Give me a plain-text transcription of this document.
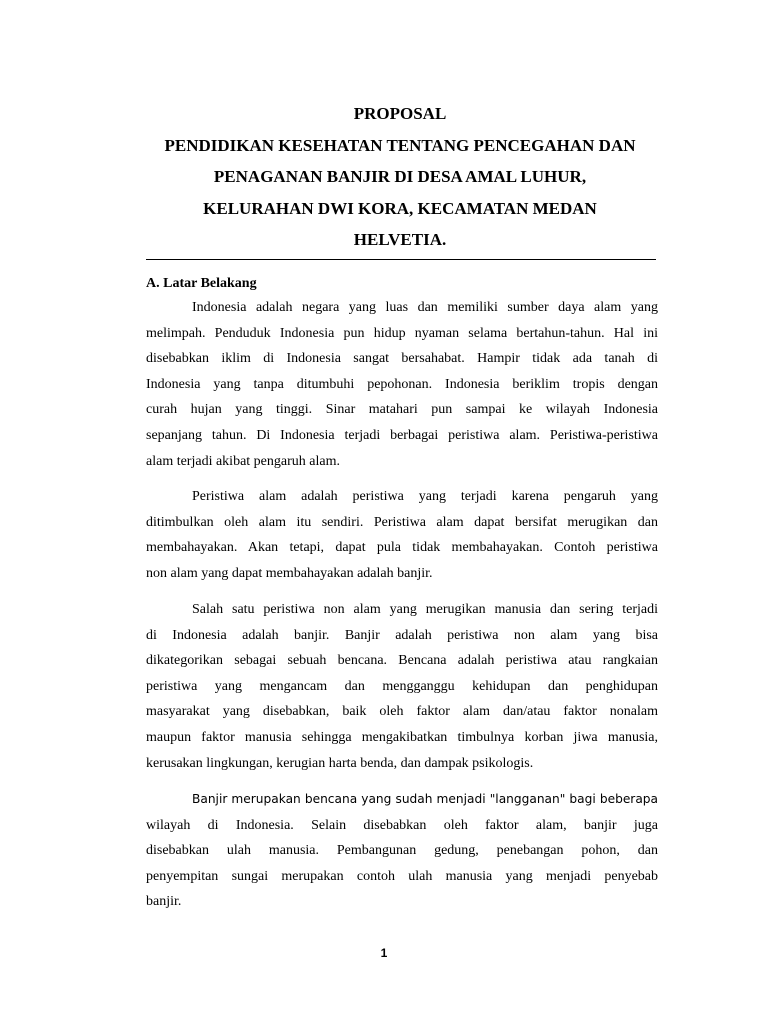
PROPOSAL
PENDIDIKAN KESEHATAN TENTANG PENCEGAHAN DAN
PENAGANAN BANJIR DI DESA AMAL LUHUR,
KELURAHAN DWI KORA, KECAMATAN MEDAN
HELVETIA.
A. Latar Belakang
Indonesia adalah negara yang luas dan memiliki sumber daya alam yang
melimpah. Penduduk Indonesia pun hidup nyaman selama bertahun-tahun. Hal ini
disebabkan iklim di Indonesia sangat bersahabat. Hampir tidak ada tanah di
Indonesia yang tanpa ditumbuhi pepohonan. Indonesia beriklim tropis dengan
curah hujan yang tinggi. Sinar matahari pun sampai ke wilayah Indonesia
sepanjang tahun. Di Indonesia terjadi berbagai peristiwa alam. Peristiwa-peristiwa
alam terjadi akibat pengaruh alam.
Peristiwa alam adalah peristiwa yang terjadi karena pengaruh yang
ditimbulkan oleh alam itu sendiri. Peristiwa alam dapat bersifat merugikan dan
membahayakan. Akan tetapi, dapat pula tidak membahayakan. Contoh peristiwa
non alam yang dapat membahayakan adalah banjir.
Salah satu peristiwa non alam yang merugikan manusia dan sering terjadi
di Indonesia adalah banjir. Banjir adalah peristiwa non alam yang bisa
dikategorikan sebagai sebuah bencana. Bencana adalah peristiwa atau rangkaian
peristiwa yang mengancam dan mengganggu kehidupan dan penghidupan
masyarakat yang disebabkan, baik oleh faktor alam dan/atau faktor nonalam
maupun faktor manusia sehingga mengakibatkan timbulnya korban jiwa manusia,
kerusakan lingkungan, kerugian harta benda, dan dampak psikologis.
Banjir merupakan bencana yang sudah menjadi "langganan" bagi beberapa
wilayah di Indonesia. Selain disebabkan oleh faktor alam, banjir juga
disebabkan ulah manusia. Pembangunan gedung, penebangan pohon, dan
penyempitan sungai merupakan contoh ulah manusia yang menjadi penyebab
banjir.
1
